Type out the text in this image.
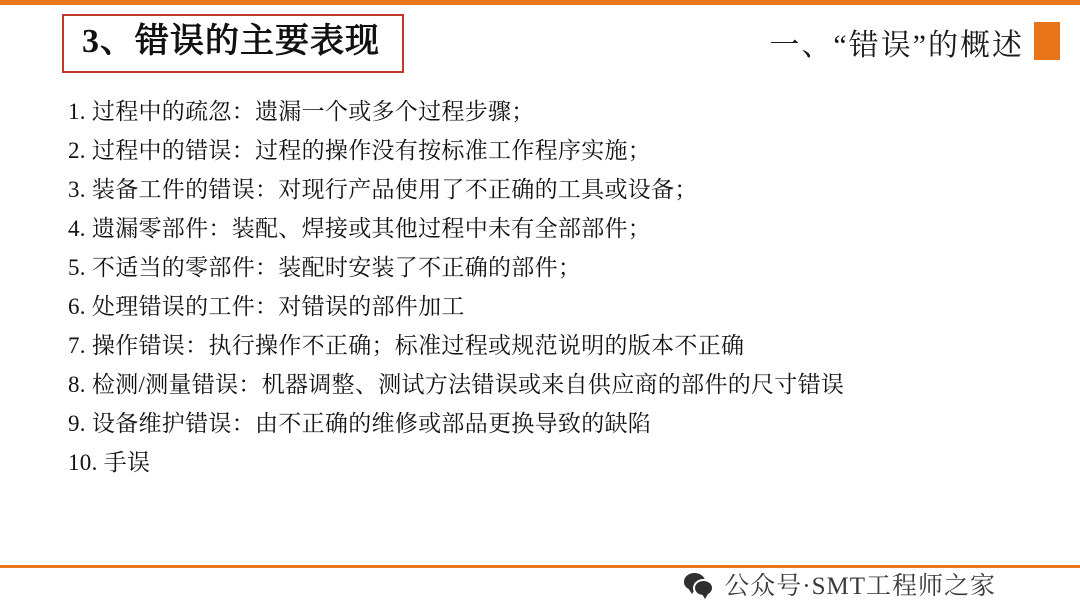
一、“错误”的概述
3、错误的主要表现
1. 过程中的疏忽：遗漏一个或多个过程步骤；
2. 过程中的错误：过程的操作没有按标准工作程序实施；
3. 装备工件的错误：对现行产品使用了不正确的工具或设备；
4. 遗漏零部件：装配、焊接或其他过程中未有全部部件；
5. 不适当的零部件：装配时安装了不正确的部件；
6. 处理错误的工件：对错误的部件加工
7. 操作错误：执行操作不正确；标准过程或规范说明的版本不正确
8. 检测/测量错误：机器调整、测试方法错误或来自供应商的部件的尺寸错误
9. 设备维护错误：由不正确的维修或部品更换导致的缺陷
10. 手误
公众号·SMT工程师之家
